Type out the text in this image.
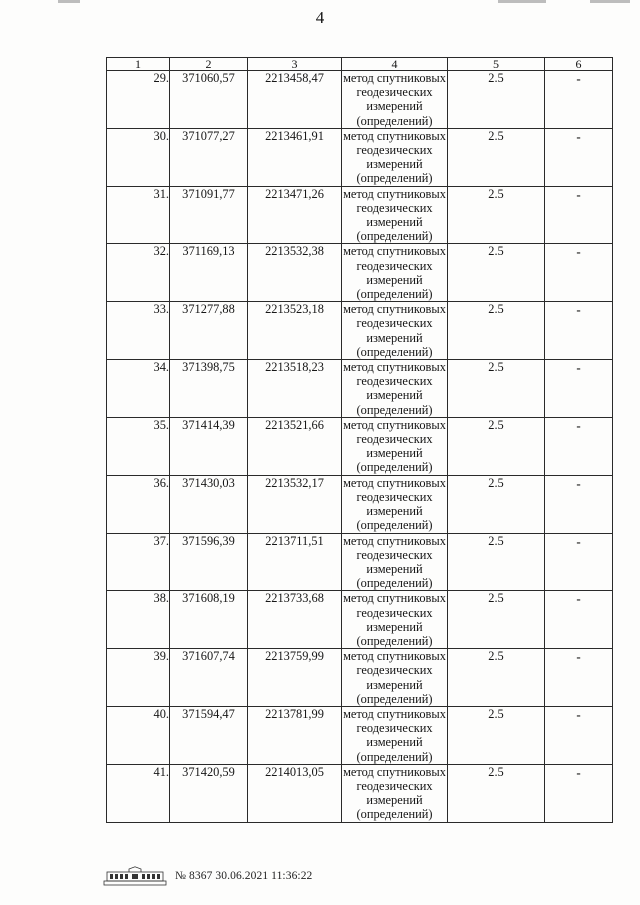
4
1	2	3	4	5	6
29.	371060,57	2213458,47	метод спутниковых геодезических измерений (определений)	2.5	-
30.	371077,27	2213461,91	метод спутниковых геодезических измерений (определений)	2.5	-
31.	371091,77	2213471,26	метод спутниковых геодезических измерений (определений)	2.5	-
32.	371169,13	2213532,38	метод спутниковых геодезических измерений (определений)	2.5	-
33.	371277,88	2213523,18	метод спутниковых геодезических измерений (определений)	2.5	-
34.	371398,75	2213518,23	метод спутниковых геодезических измерений (определений)	2.5	-
35.	371414,39	2213521,66	метод спутниковых геодезических измерений (определений)	2.5	-
36.	371430,03	2213532,17	метод спутниковых геодезических измерений (определений)	2.5	-
37.	371596,39	2213711,51	метод спутниковых геодезических измерений (определений)	2.5	-
38.	371608,19	2213733,68	метод спутниковых геодезических измерений (определений)	2.5	-
39.	371607,74	2213759,99	метод спутниковых геодезических измерений (определений)	2.5	-
40.	371594,47	2213781,99	метод спутниковых геодезических измерений (определений)	2.5	-
41.	371420,59	2214013,05	метод спутниковых геодезических измерений (определений)	2.5	-
№ 8367 30.06.2021 11:36:22
